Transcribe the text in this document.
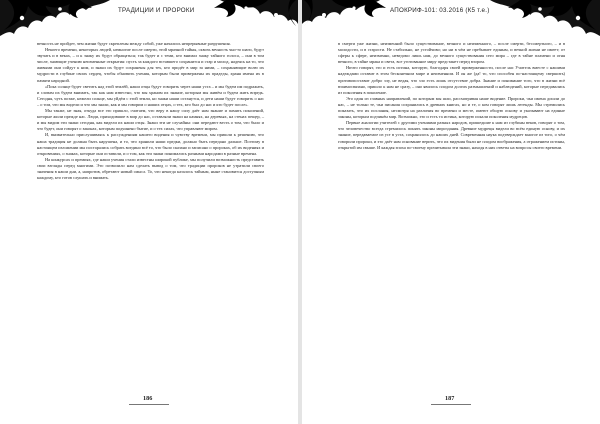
ТРАДИЦИИ И ПРОРОКИ

вечность не пройдет, чем жизни будут скреплены между собой, уже начались непрерывные разрушения.

Некоего времени, некоторых людей, немногие после смерти, этой мрачной тайны, сквозь вечность чьи-то шаги, будут звучать и в веках, – и к знаку их будут обращаться; так будет и с теми, кто внимал знаку тайного голоса, – они в том числе, знающие учению неизменные открытия: пусть за каждого вставшего сохранится и стар и молод, надеясь на то, что живыми они сойдут к ним, и знаки их будут сохранены для тех, кто придёт в мир за ними, – сохраняющие волю их мудрости в глубине своих сердец, чтобы обновить учения, которым были привержены их прадеды, храня имена их в памяти народной.

«Пока солнце будет светить над этой землёй, наши отцы будут говорить через наши уста – и мы будем им подражать, и словам их будем внимать, так как нам известно, что мы храним их знание, которым мы живём и будем жить впредь. Сегодня, чуть позже, нежели солнце, мы уйдём с этой земли, но знаки наши останутся, и дети наши будут говорить о нас – о том, что мы видели и что мы знали, как и мы говорим о наших отцах, о тех, кто был до нас и кто будет после».

Мы также, не зная, откуда все это пришло, считаем, что веру в нашу силу даёт нам знание и память поколений, которые жили прежде нас. Люди, приходившие в мир до нас, оставляли знаки на камнях, на деревьях, на стенах пещер, – и мы видим эти знаки сегодня, как видели их наши отцы. Знаки эти не случайны: они передают весть о том, что было и что будет, они говорят о законах, которым подчинено бытие, и о тех силах, что управляют миром.

И, внимательно прислушиваясь к рассуждениям нашего видения и чувству времени, мы пришли к решению, что наша традиция не должна быть нарушена, и то, что хранили наши предки, должно быть передано дальше. Поэтому в настоящем изложении мы постарались собрать воедино всё то, что было сказано и записано о пророках, об их видениях и откровениях, о знаках, которые они оставили, и о том, как эти знаки понимались разными народами в разные времена.

На конкурсах и премиях, где наши учения стали известны широкой публике, мы получили возможность представить свои взгляды перед многими. Это позволило нам сделать вывод о том, что традиции пророков не утратили своего значения в наши дни, а, напротив, обретают новый смысл. То, что некогда казалось тайным, ныне становится доступным каждому, кто готов слушать и внимать.

186
АПОКРИФ-101: 03.2016 (К5 т.е.)

в смерти уже жизни, неизменной было существование, вечного и неизменного, – после смерти, бессмертного, – и в молодости, и в старости. Не стабильно, не устойчиво; но ни в чём не пребывает единым, и вечной жизни не имеет; от сферы к сфере, неизменно, неведомо лишь нам, до вечного существования сего мира – где в тайне пламени и огня вечного, в тайне мрака и света, все уготованное миру предстанет перед взором.

Ничто говорят, это и есть истина, которую, благодаря своей приверженности, после нас Учитель вместе с нашими надеждами оставит в этом бесконечном мире и неизменном. И он же (да! то, что способен по-настоящему свершить) противопоставит добро злу, не ведая, что зло есть лишь отсутствие добра. Знание и понимание того, что в жизни всё взаимосвязано, пришло к нам не сразу, – оно явилось плодом долгих размышлений и наблюдений, которые передавались из поколения в поколение.

Это один из главных направлений, по которым мы шли, рассматривая наше видение. Пророки, чьи имена дошли до нас, – не только те, чьи писания сохранились в древних книгах, но и те, о ком говорят лишь легенды. Мы стремились показать, что их послания, несмотря на различия во времени и месте, имеют общую основу и указывают на единые законы, которым подчинён мир. Возможно, это и есть та истина, которую искали поколения мудрецов.

Первые аналогии учителей с другими учениями разных народов, пришедшие к нам из глубины веков, говорят о том, что человечество всегда стремилось понять законы мироздания. Древние мудрецы видели во всём единую основу, и их знание, передаваемое из уст в уста, сохранилось до наших дней. Современная наука подтверждает многое из того, о чём говорили пророки, и это даёт нам основание верить, что их видения были не плодом воображения, а отражением истины, открытой им свыше. И каждая эпоха по-своему прочитывала эти знаки, находя в них ответы на вопросы своего времени.

187
